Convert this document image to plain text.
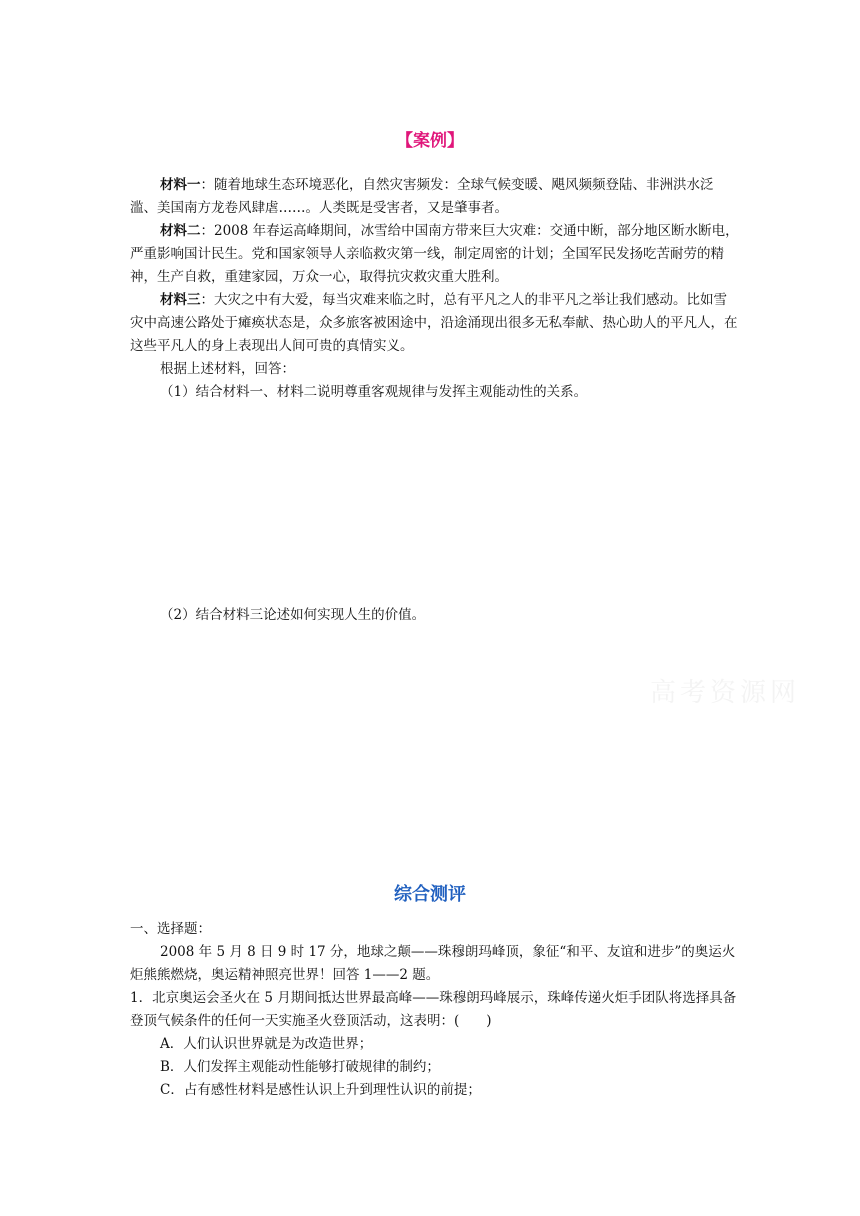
【案例】

材料一：随着地球生态环境恶化，自然灾害频发：全球气候变暖、飓风频频登陆、非洲洪水泛滥、美国南方龙卷风肆虐……。人类既是受害者，又是肇事者。

材料二：2008 年春运高峰期间，冰雪给中国南方带来巨大灾难：交通中断，部分地区断水断电，严重影响国计民生。党和国家领导人亲临救灾第一线，制定周密的计划；全国军民发扬吃苦耐劳的精神，生产自救，重建家园，万众一心，取得抗灾救灾重大胜利。

材料三：大灾之中有大爱，每当灾难来临之时，总有平凡之人的非平凡之举让我们感动。比如雪灾中高速公路处于瘫痪状态是，众多旅客被困途中，沿途涌现出很多无私奉献、热心助人的平凡人，在这些平凡人的身上表现出人间可贵的真情实义。

根据上述材料，回答：

（1）结合材料一、材料二说明尊重客观规律与发挥主观能动性的关系。

（2）结合材料三论述如何实现人生的价值。

高考资源网
综合测评

一、选择题：

2008 年 5 月 8 日 9 时 17 分，地球之颠——珠穆朗玛峰顶，象征“和平、友谊和进步”的奥运火炬熊熊燃烧，奥运精神照亮世界！回答 1——2 题。

1．北京奥运会圣火在 5 月期间抵达世界最高峰——珠穆朗玛峰展示，珠峰传递火炬手团队将选择具备登顶气候条件的任何一天实施圣火登顶活动，这表明：(　　)

A．人们认识世界就是为改造世界；

B．人们发挥主观能动性能够打破规律的制约；

C．占有感性材料是感性认识上升到理性认识的前提；
